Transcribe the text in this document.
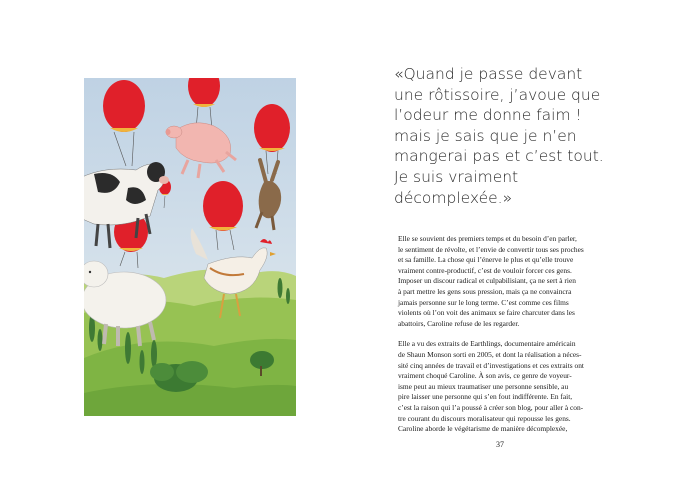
«Quand je passe devant
une rôtissoire, j’avoue que
l’odeur me donne faim !
mais je sais que je n’en
mangerai pas et c’est tout.
Je suis vraiment
décomplexée.»

Elle se souvient des premiers temps et du besoin d’en parler,
le sentiment de révolte, et l’envie de convertir tous ses proches
et sa famille. La chose qui l’énerve le plus et qu’elle trouve
vraiment contre-productif, c’est de vouloir forcer ces gens.
Imposer un discour radical et culpabilisiant, ça ne sert à rien
à part mettre les gens sous pression, mais ça ne convaincra
jamais personne sur le long terme. C’est comme ces films
violents où l’on voit des animaux se faire charcuter dans les
abattoirs, Caroline refuse de les regarder.

Elle a vu des extraits de Earthlings, documentaire américain
de Shaun Monson sorti en 2005, et dont la réalisation a néces-
sité cinq années de travail et d’investigations et ces extraits ont
vraiment choqué Caroline. À son avis, ce genre de voyeur-
isme peut au mieux traumatiser une personne sensible, au
pire laisser une personne qui s’en fout indifférente. En fait,
c’est la raison qui l’a poussé à créer son blog, pour aller à con-
tre courant du discours moralisateur qui repousse les gens.
Caroline aborde le végétarisme de manière décomplexée,

37
